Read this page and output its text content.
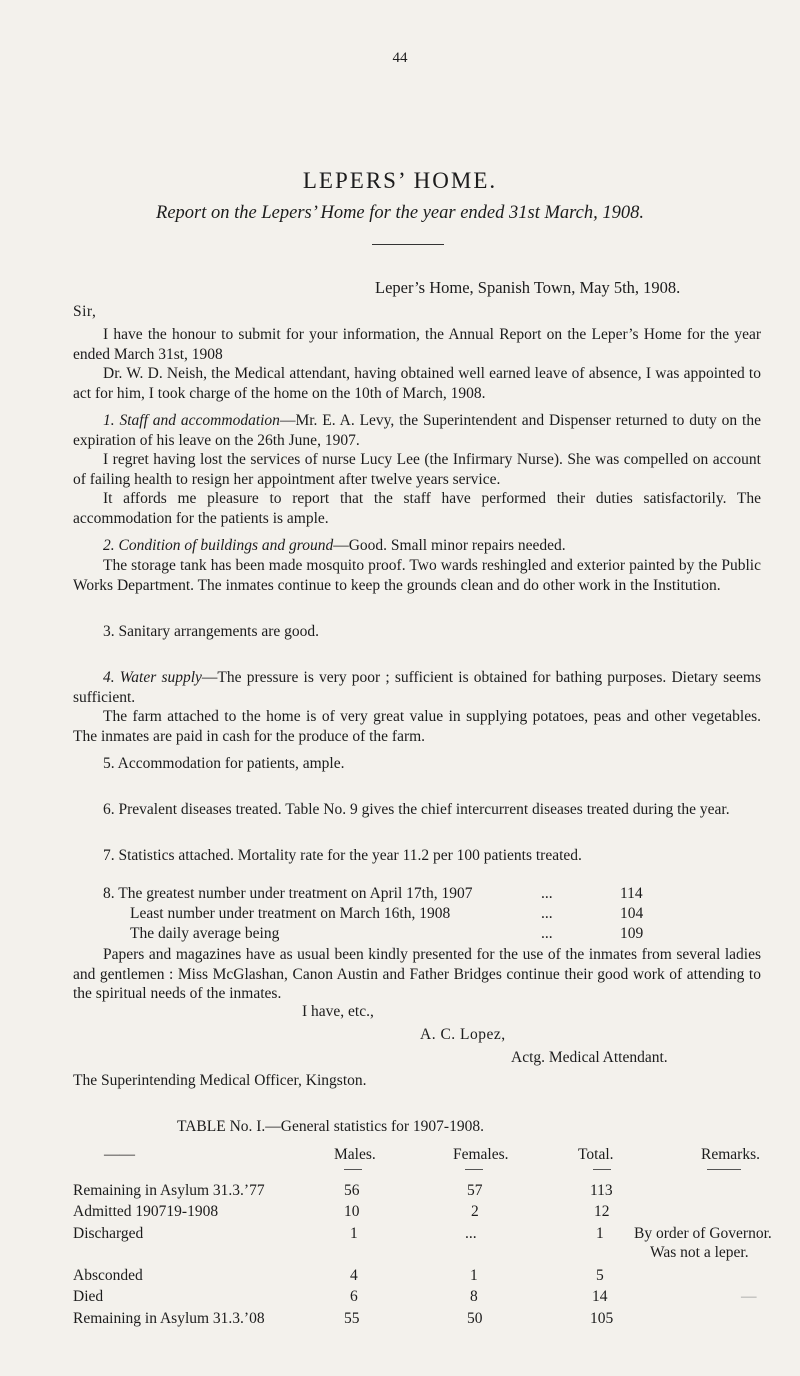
44
LEPERS’ HOME.
Report on the Lepers’ Home for the year ended 31st March, 1908.
Leper’s Home, Spanish Town, May 5th, 1908.
Sir,
I have the honour to submit for your information, the Annual Report on the Leper’s Home for the year ended March 31st, 1908
Dr. W. D. Neish, the Medical attendant, having obtained well earned leave of absence, I was appointed to act for him, I took charge of the home on the 10th of March, 1908.
1. Staff and accommodation—Mr. E. A. Levy, the Superintendent and Dispenser returned to duty on the expiration of his leave on the 26th June, 1907.
I regret having lost the services of nurse Lucy Lee (the Infirmary Nurse). She was compelled on account of failing health to resign her appointment after twelve years service.
It affords me pleasure to report that the staff have performed their duties satisfactorily. The accommodation for the patients is ample.
2. Condition of buildings and ground—Good. Small minor repairs needed.
The storage tank has been made mosquito proof. Two wards reshingled and exterior painted by the Public Works Department. The inmates continue to keep the grounds clean and do other work in the Institution.
3. Sanitary arrangements are good.
4. Water supply—The pressure is very poor ; sufficient is obtained for bathing purposes. Dietary seems sufficient.
The farm attached to the home is of very great value in supplying potatoes, peas and other vegetables. The inmates are paid in cash for the produce of the farm.
5. Accommodation for patients, ample.
6. Prevalent diseases treated. Table No. 9 gives the chief intercurrent diseases treated during the year.
7. Statistics attached. Mortality rate for the year 11.2 per 100 patients treated.
8. The greatest number under treatment on April 17th, 1907	...	114
Least number under treatment on March 16th, 1908	...	104
The daily average being	...	109
Papers and magazines have as usual been kindly presented for the use of the inmates from several ladies and gentlemen : Miss McGlashan, Canon Austin and Father Bridges continue their good work of attending to the spiritual needs of the inmates.
I have, etc.,
A. C. Lopez,
Actg. Medical Attendant.
The Superintending Medical Officer, Kingston.
TABLE No. I.—General statistics for 1907-1908.
——	Males.	Females.	Total.	Remarks.
Remaining in Asylum 31.3.’77	56	57	113
Admitted 190719-1908	10	2	12
Discharged	1	...	1 By order of Governor.
Was not a leper.
Absconded	4	1	5
Died	6	8	14	—
Remaining in Asylum 31.3.’08	55	50	105
